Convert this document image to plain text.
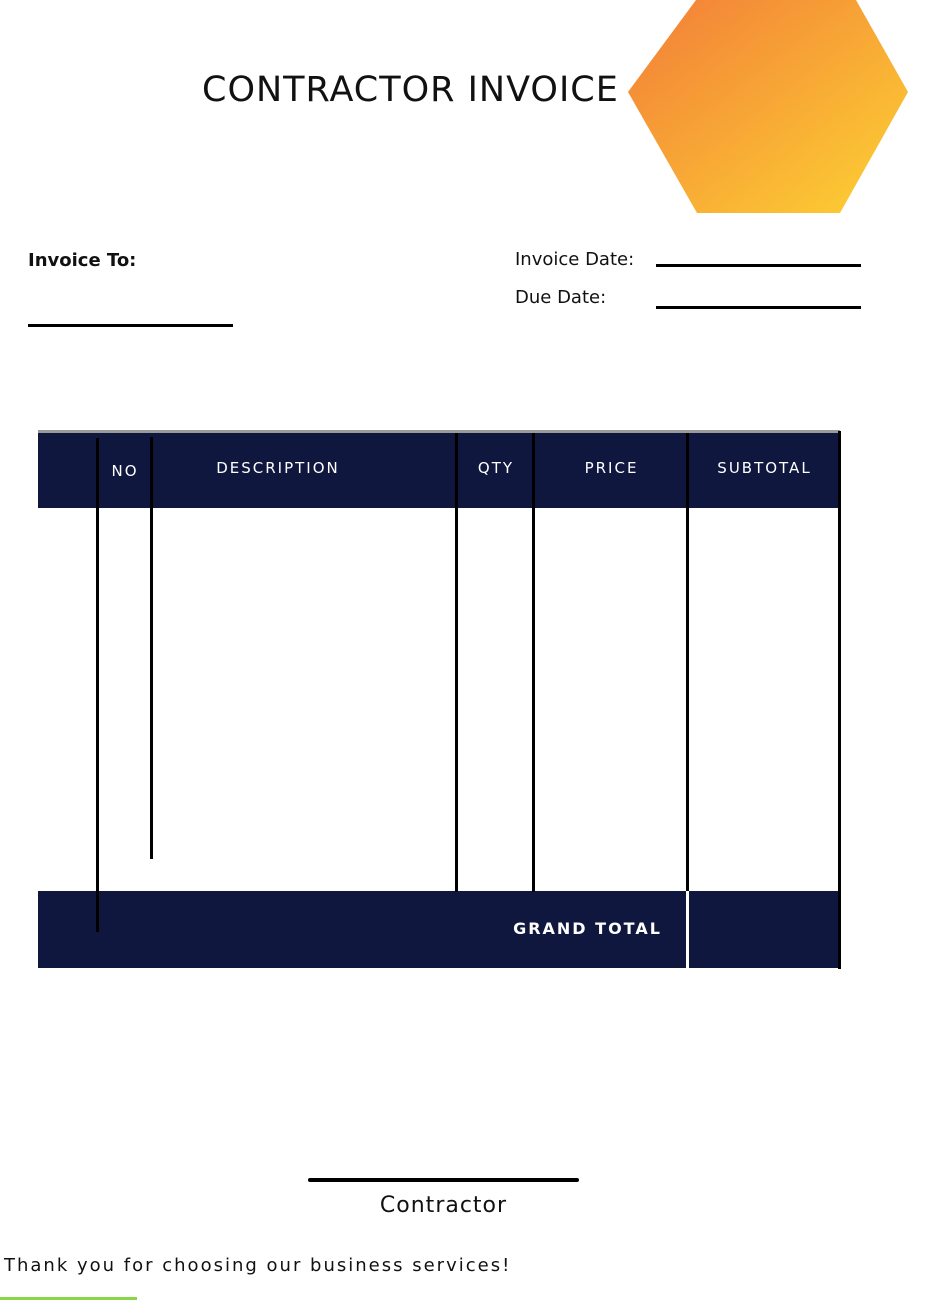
CONTRACTOR INVOICE
Invoice To:	Invoice Date:
Due Date:
NO	DESCRIPTION	QTY	PRICE	SUBTOTAL
GRAND TOTAL
Contractor
Thank you for choosing our business services!
